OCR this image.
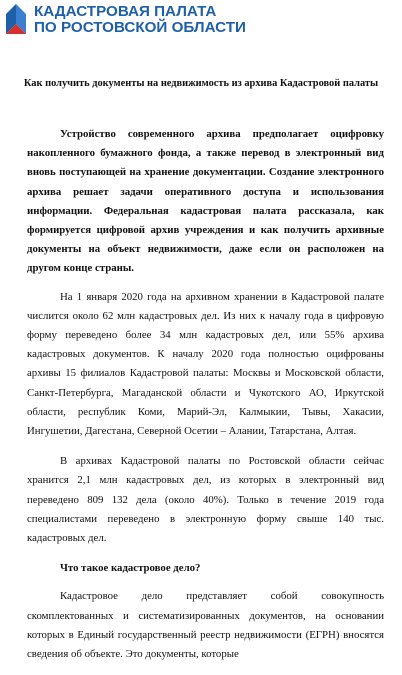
КАДАСТРОВАЯ ПАЛАТА
ПО РОСТОВСКОЙ ОБЛАСТИ
Как получить документы на недвижимость из архива Кадастровой палаты

Устройство современного архива предполагает оцифровку накопленного бумажного фонда, а также перевод в электронный вид вновь поступающей на хранение документации. Создание электронного архива решает задачи оперативного доступа и использования информации. Федеральная кадастровая палата рассказала, как формируется цифровой архив учреждения и как получить архивные документы на объект недвижимости, даже если он расположен на другом конце страны.

На 1 января 2020 года на архивном хранении в Кадастровой палате числится около 62 млн кадастровых дел. Из них к началу года в цифровую форму переведено более 34 млн кадастровых дел, или 55% архива кадастровых документов. К началу 2020 года полностью оцифрованы архивы 15 филиалов Кадастровой палаты: Москвы и Московской области, Санкт-Петербурга, Магаданской области и Чукотского АО, Иркутской области, республик Коми, Марий-Эл, Калмыкии, Тывы, Хакасии, Ингушетии, Дагестана, Северной Осетии – Алании, Татарстана, Алтая.

В архивах Кадастровой палаты по Ростовской области сейчас хранится 2,1 млн кадастровых дел, из которых в электронный вид переведено 809 132 дела (около 40%). Только в течение 2019 года специалистами переведено в электронную форму свыше 140 тыс. кадастровых дел.

Что такое кадастровое дело?

Кадастровое дело представляет собой совокупность скомплектованных и систематизированных документов, на основании которых в Единый государственный реестр недвижимости (ЕГРН) вносятся сведения об объекте. Это документы, которые
